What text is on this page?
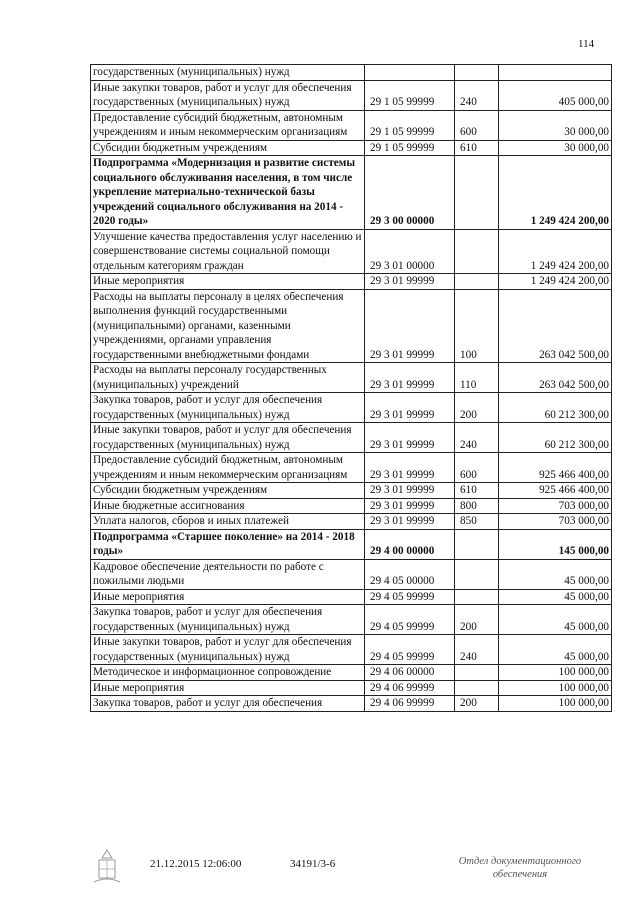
114
государственных (муниципальных) нужд			
Иные закупки товаров, работ и услуг для обеспечения государственных (муниципальных) нужд	29 1 05 99999	240	405 000,00
Предоставление субсидий бюджетным, автономным учреждениям и иным некоммерческим организациям	29 1 05 99999	600	30 000,00
Субсидии бюджетным учреждениям	29 1 05 99999	610	30 000,00
Подпрограмма «Модернизация и развитие системы социального обслуживания населения, в том числе укрепление материально-технической базы учреждений социального обслуживания на 2014 - 2020 годы»	29 3 00 00000		1 249 424 200,00
Улучшение качества предоставления услуг населению и совершенствование системы социальной помощи отдельным категориям граждан	29 3 01 00000		1 249 424 200,00
Иные мероприятия	29 3 01 99999		1 249 424 200,00
Расходы на выплаты персоналу в целях обеспечения выполнения функций государственными (муниципальными) органами, казенными учреждениями, органами управления государственными внебюджетными фондами	29 3 01 99999	100	263 042 500,00
Расходы на выплаты персоналу государственных (муниципальных) учреждений	29 3 01 99999	110	263 042 500,00
Закупка товаров, работ и услуг для обеспечения государственных (муниципальных) нужд	29 3 01 99999	200	60 212 300,00
Иные закупки товаров, работ и услуг для обеспечения государственных (муниципальных) нужд	29 3 01 99999	240	60 212 300,00
Предоставление субсидий бюджетным, автономным учреждениям и иным некоммерческим организациям	29 3 01 99999	600	925 466 400,00
Субсидии бюджетным учреждениям	29 3 01 99999	610	925 466 400,00
Иные бюджетные ассигнования	29 3 01 99999	800	703 000,00
Уплата налогов, сборов и иных платежей	29 3 01 99999	850	703 000,00
Подпрограмма «Старшее поколение» на 2014 - 2018 годы»	29 4 00 00000		145 000,00
Кадровое обеспечение деятельности по работе с пожилыми людьми	29 4 05 00000		45 000,00
Иные мероприятия	29 4 05 99999		45 000,00
Закупка товаров, работ и услуг для обеспечения государственных (муниципальных) нужд	29 4 05 99999	200	45 000,00
Иные закупки товаров, работ и услуг для обеспечения государственных (муниципальных) нужд	29 4 05 99999	240	45 000,00
Методическое и информационное сопровождение	29 4 06 00000		100 000,00
Иные мероприятия	29 4 06 99999		100 000,00
Закупка товаров, работ и услуг для обеспечения	29 4 06 99999	200	100 000,00
21.12.2015 12:06:00	34191/3-6	Отдел документационного
обеспечения
